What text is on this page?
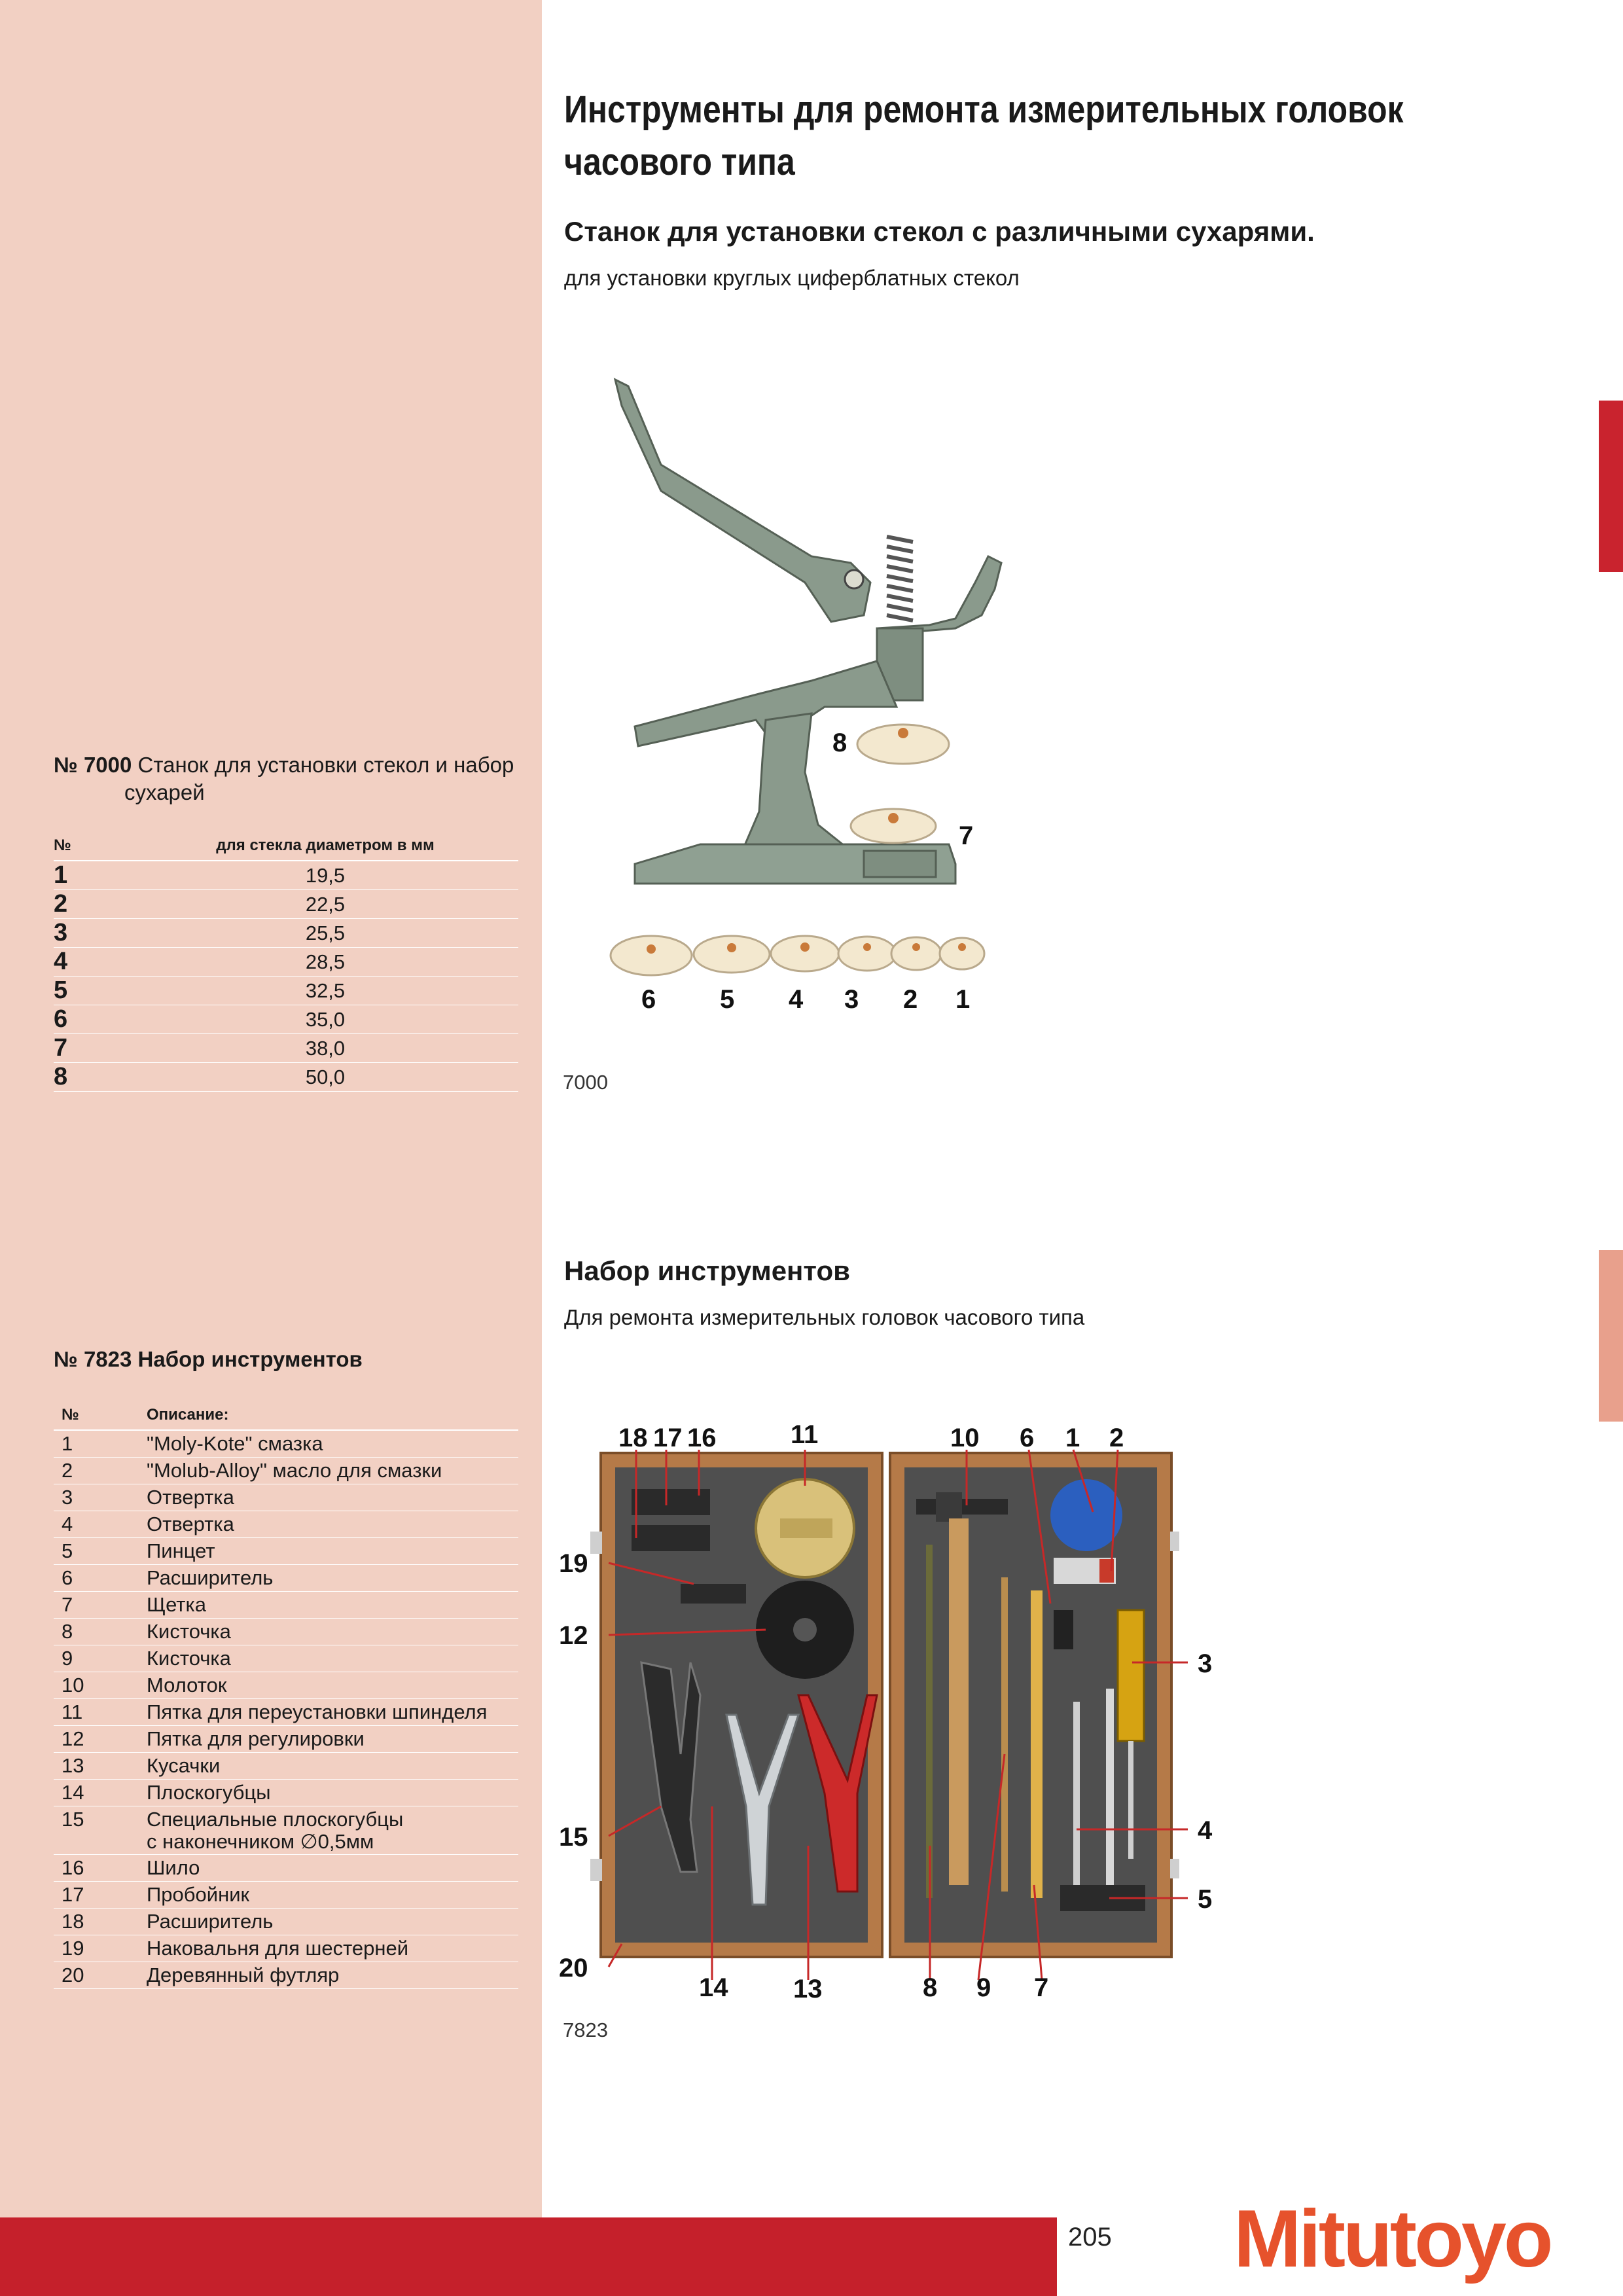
Инструменты для ремонта измерительных головок
часового типа
Станок для установки стекол с различными сухарями.
для установки круглых циферблатных стекол
8
7
6 5 4 3 2 1
7000
№ 7000 Станок для установки стекол и набор
сухарей
№	для стекла диаметром в мм
1	19,5
2	22,5
3	25,5
4	28,5
5	32,5
6	35,0
7	38,0
8	50,0
Набор инструментов
Для ремонта измерительных головок часового типа
18 17 16	11	10 6 1 2
19
12
3
15	4
5
20
14 13	8 9 7
7823
№ 7823 Набор инструментов
№	Описание:
1	"Moly-Kote" смазка
2	"Molub-Alloy" масло для смазки
3	Отвертка
4	Отвертка
5	Пинцет
6	Расширитель
7	Щетка
8	Кисточка
9	Кисточка
10	Молоток
11	Пятка для переустановки шпинделя
12	Пятка для регулировки
13	Кусачки
14	Плоскогубцы
15	Специальные плоскогубцы
с наконечником ∅0,5мм
16	Шило
17	Пробойник
18	Расширитель
19	Наковальня для шестерней
20	Деревянный футляр
205 Mitutoyo
